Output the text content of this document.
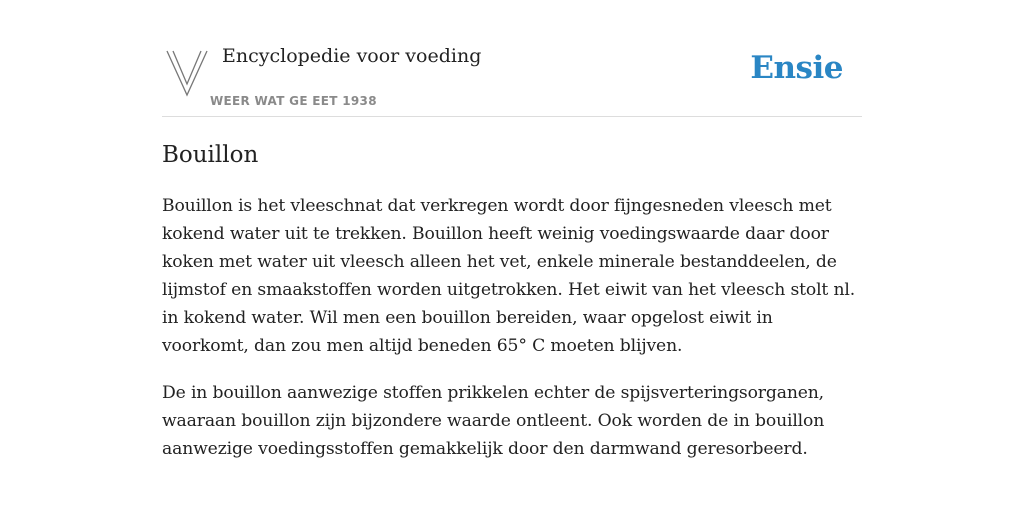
Encyclopedie voor voeding
WEER WAT GE EET 1938
Ensie
Bouillon

Bouillon is het vleeschnat dat verkregen wordt door fijngesneden vleesch met kokend water uit te trekken. Bouillon heeft weinig voedingswaarde daar door koken met water uit vleesch alleen het vet, enkele minerale bestanddeelen, de lijmstof en smaakstoffen worden uitgetrokken. Het eiwit van het vleesch stolt nl. in kokend water. Wil men een bouillon bereiden, waar opgelost eiwit in voorkomt, dan zou men altijd beneden 65° C moeten blijven.

De in bouillon aanwezige stoffen prikkelen echter de spijsverteringsorganen, waaraan bouillon zijn bijzondere waarde ontleent. Ook worden de in bouillon aanwezige voedingsstoffen gemakkelijk door den darmwand geresorbeerd.
